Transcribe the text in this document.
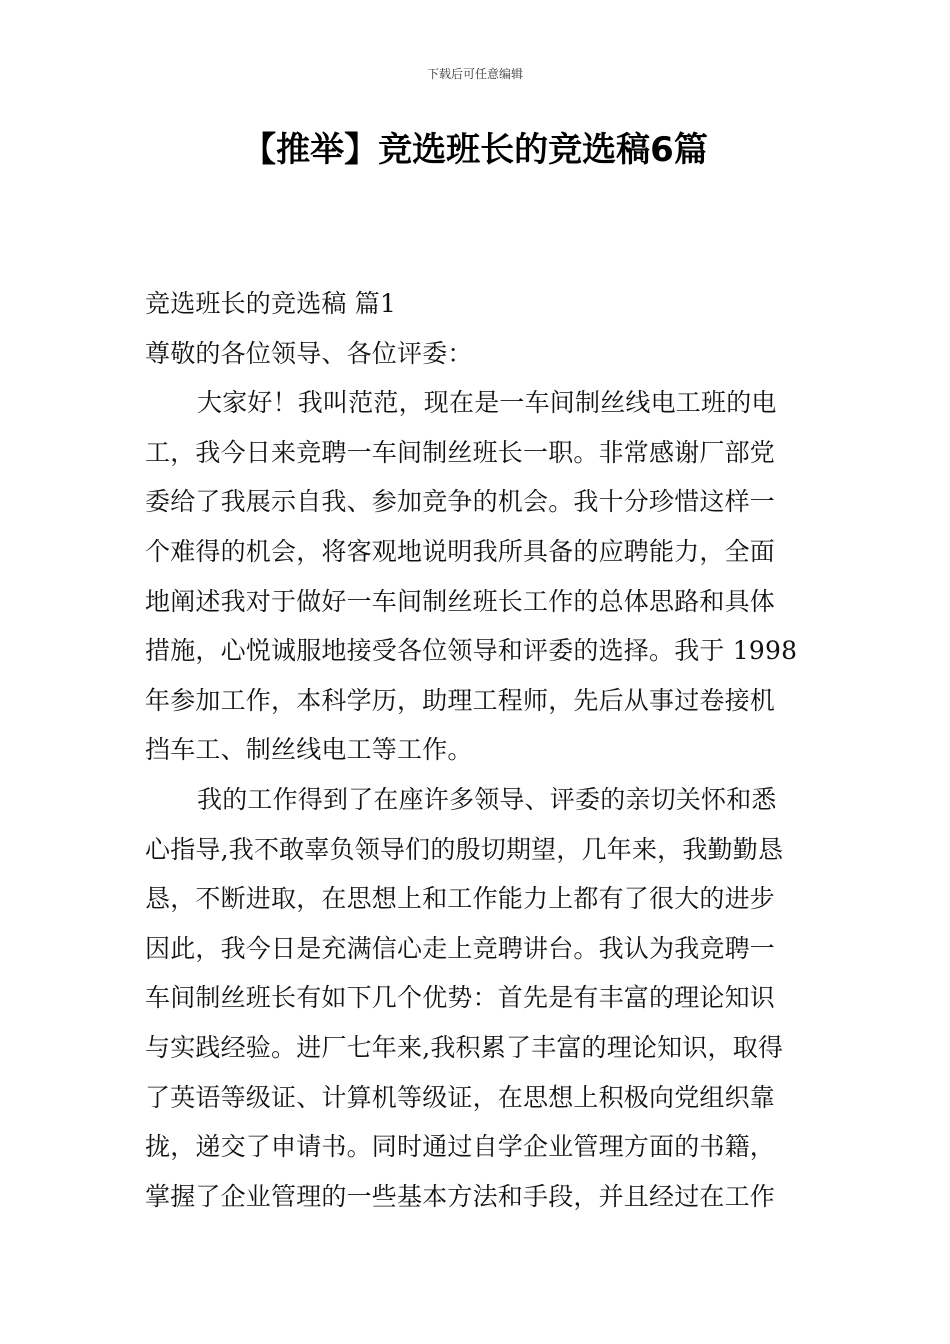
下载后可任意编辑
【推举】竞选班长的竞选稿6篇
竞选班长的竞选稿 篇1
尊敬的各位领导、各位评委：
大家好！我叫范范，现在是一车间制丝线电工班的电
工，我今日来竞聘一车间制丝班长一职。非常感谢厂部党
委给了我展示自我、参加竞争的机会。我十分珍惜这样一
个难得的机会，将客观地说明我所具备的应聘能力，全面
地阐述我对于做好一车间制丝班长工作的总体思路和具体
措施，心悦诚服地接受各位领导和评委的选择。我于 1998
年参加工作，本科学历，助理工程师，先后从事过卷接机
挡车工、制丝线电工等工作。
我的工作得到了在座许多领导、评委的亲切关怀和悉
心指导,我不敢辜负领导们的殷切期望，几年来，我勤勤恳
恳，不断进取，在思想上和工作能力上都有了很大的进步
因此，我今日是充满信心走上竞聘讲台。我认为我竞聘一
车间制丝班长有如下几个优势：首先是有丰富的理论知识
与实践经验。进厂七年来,我积累了丰富的理论知识，取得
了英语等级证、计算机等级证，在思想上积极向党组织靠
拢，递交了申请书。同时通过自学企业管理方面的书籍，
掌握了企业管理的一些基本方法和手段，并且经过在工作
